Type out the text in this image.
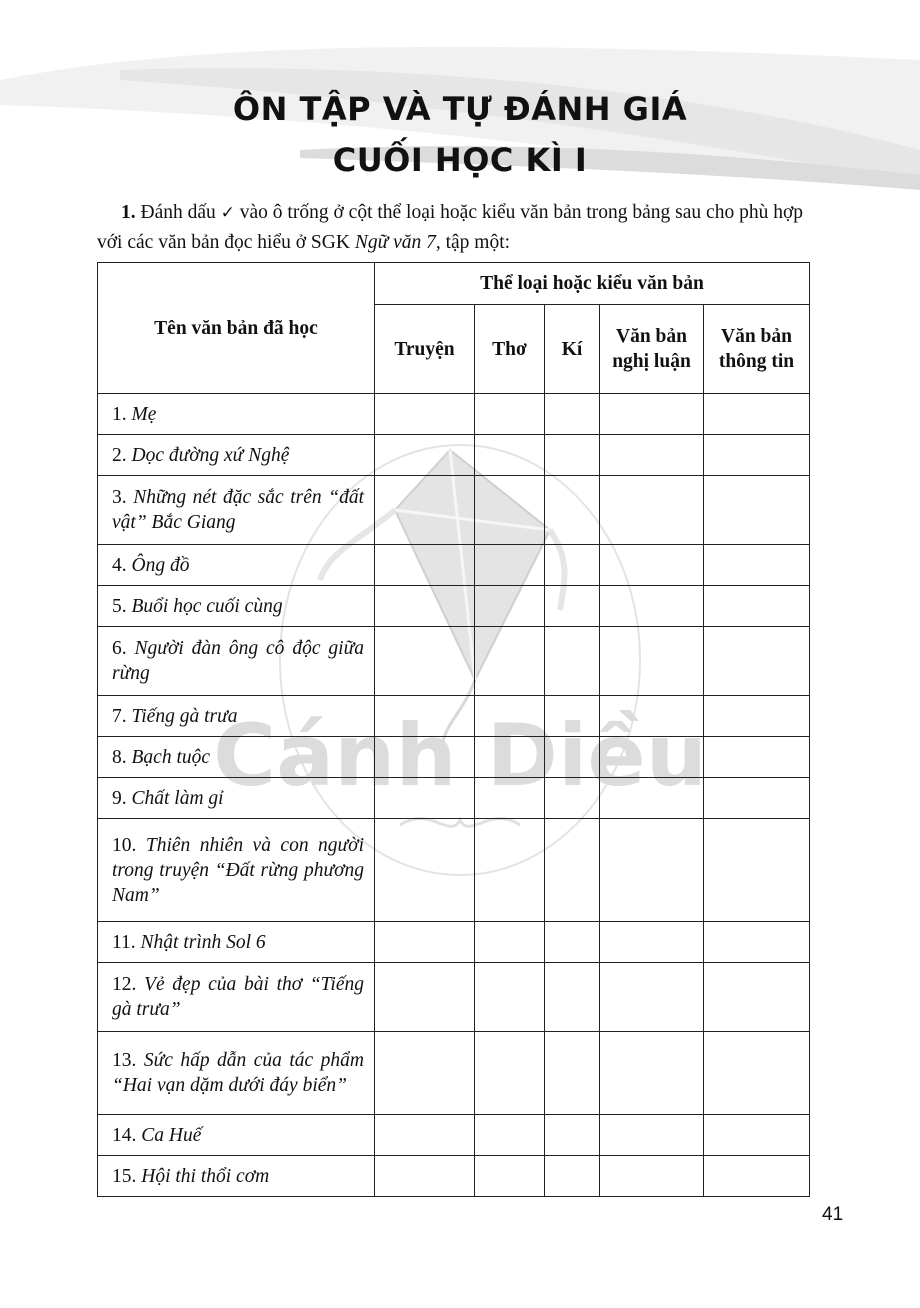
Cánh Diều
ÔN TẬP VÀ TỰ ĐÁNH GIÁ
CUỐI HỌC KÌ I
1. Đánh dấu ✓ vào ô trống ở cột thể loại hoặc kiểu văn bản trong bảng sau cho phù hợp với các văn bản đọc hiểu ở SGK Ngữ văn 7, tập một:
Tên văn bản đã học	Thể loại hoặc kiểu văn bản				
	Truyện	Thơ	Kí	Văn bản nghị luận	Văn bản thông tin
1. Mẹ					
2. Dọc đường xứ Nghệ					
3. Những nét đặc sắc trên “đất vật” Bắc Giang					
4. Ông đồ					
5. Buổi học cuối cùng					
6. Người đàn ông cô độc giữa rừng					
7. Tiếng gà trưa					
8. Bạch tuộc					
9. Chất làm gỉ					
10. Thiên nhiên và con người trong truyện “Đất rừng phương Nam”					
11. Nhật trình Sol 6					
12. Vẻ đẹp của bài thơ “Tiếng gà trưa”					
13. Sức hấp dẫn của tác phẩm “Hai vạn dặm dưới đáy biển”					
14. Ca Huế					
15. Hội thi thổi cơm					
41
